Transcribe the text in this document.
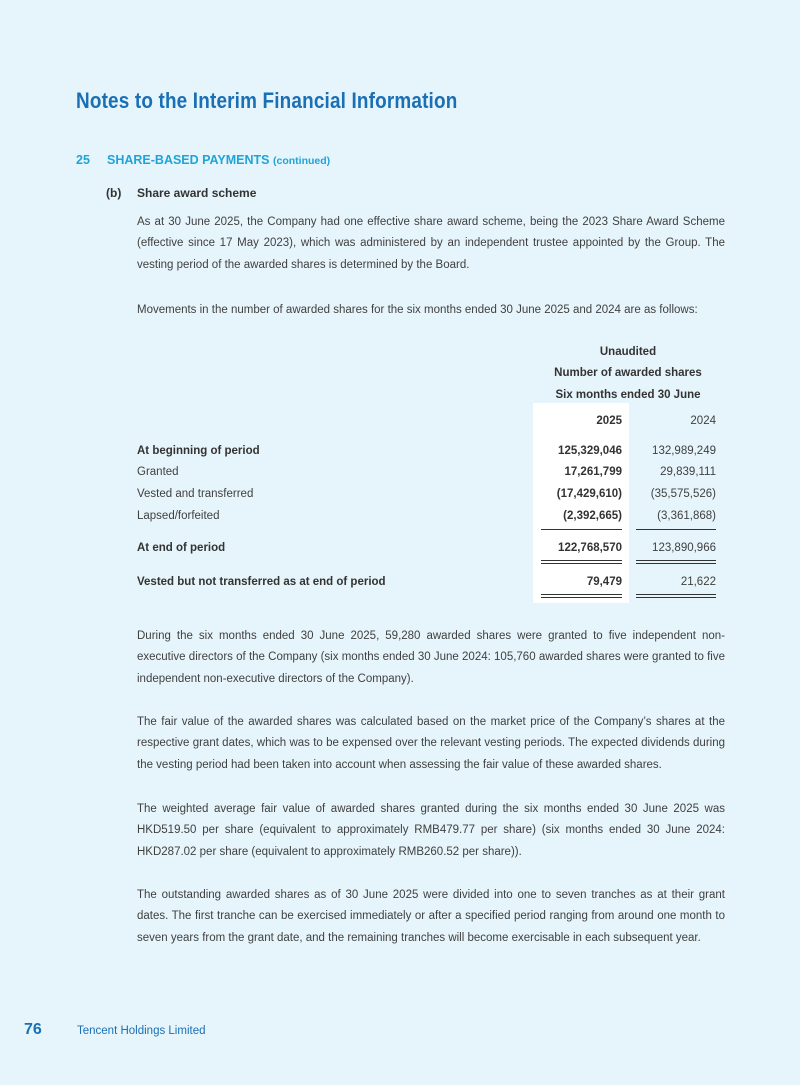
Notes to the Interim Financial Information
25 SHARE-BASED PAYMENTS (continued)
(b) Share award scheme

As at 30 June 2025, the Company had one effective share award scheme, being the 2023 Share Award Scheme (effective since 17 May 2023), which was administered by an independent trustee appointed by the Group. The vesting period of the awarded shares is determined by the Board.

Movements in the number of awarded shares for the six months ended 30 June 2025 and 2024 are as follows:

Unaudited
Number of awarded shares
Six months ended 30 June
2025	2024
At beginning of period	125,329,046	132,989,249
Granted	17,261,799	29,839,111
Vested and transferred	(17,429,610)	(35,575,526)
Lapsed/forfeited	(2,392,665)	(3,361,868)
At end of period	122,768,570	123,890,966
Vested but not transferred as at end of period	79,479	21,622

During the six months ended 30 June 2025, 59,280 awarded shares were granted to five independent non-executive directors of the Company (six months ended 30 June 2024: 105,760 awarded shares were granted to five independent non-executive directors of the Company).

The fair value of the awarded shares was calculated based on the market price of the Company’s shares at the respective grant dates, which was to be expensed over the relevant vesting periods. The expected dividends during the vesting period had been taken into account when assessing the fair value of these awarded shares.

The weighted average fair value of awarded shares granted during the six months ended 30 June 2025 was HKD519.50 per share (equivalent to approximately RMB479.77 per share) (six months ended 30 June 2024: HKD287.02 per share (equivalent to approximately RMB260.52 per share)).

The outstanding awarded shares as of 30 June 2025 were divided into one to seven tranches as at their grant dates. The first tranche can be exercised immediately or after a specified period ranging from around one month to seven years from the grant date, and the remaining tranches will become exercisable in each subsequent year.

76	Tencent Holdings Limited
